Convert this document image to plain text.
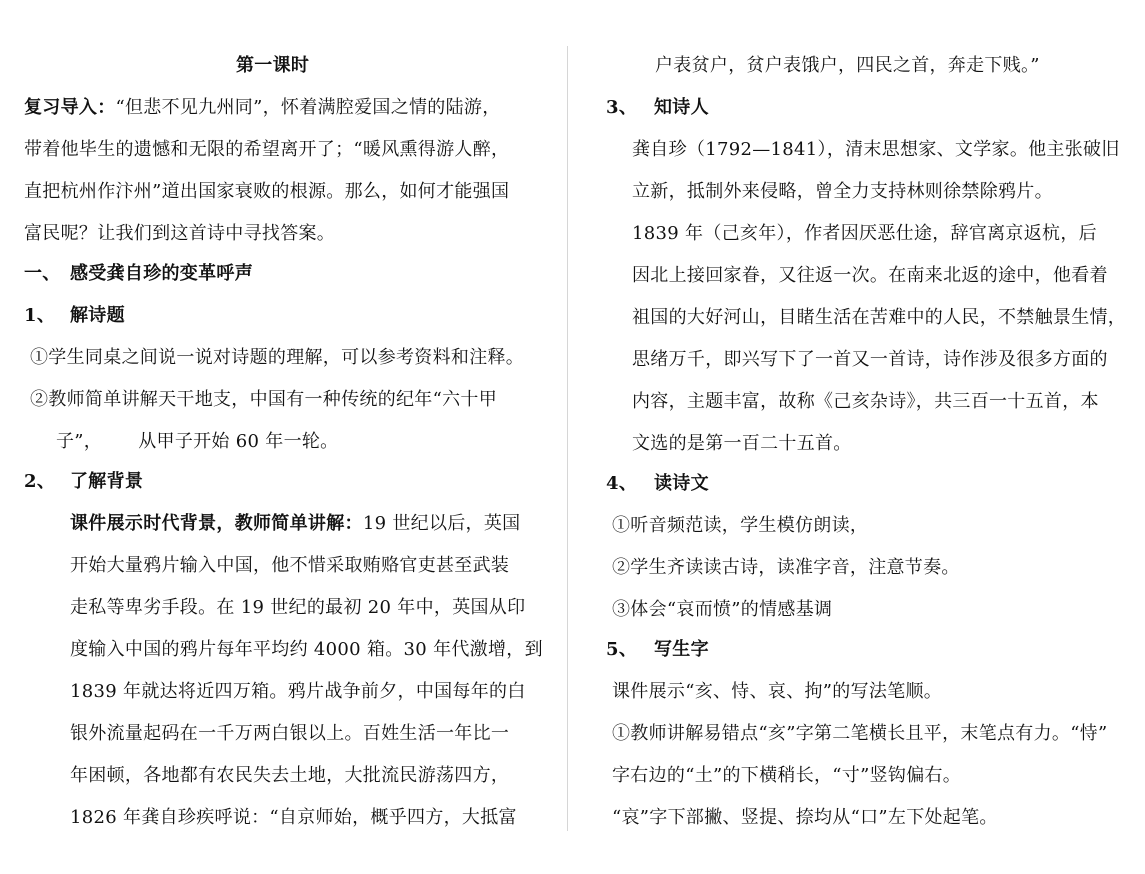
第一课时
复习导入：“但悲不见九州同”，怀着满腔爱国之情的陆游，
带着他毕生的遗憾和无限的希望离开了；“暖风熏得游人醉，
直把杭州作汴州”道出国家衰败的根源。那么，如何才能强国
富民呢？让我们到这首诗中寻找答案。
一、 感受龚自珍的变革呼声
1、 解诗题
①学生同桌之间说一说对诗题的理解，可以参考资料和注释。
②教师简单讲解天干地支，中国有一种传统的纪年“六十甲
子”，      从甲子开始 60 年一轮。
2、 了解背景
课件展示时代背景，教师简单讲解：19 世纪以后，英国
开始大量鸦片输入中国，他不惜采取贿赂官吏甚至武装
走私等卑劣手段。在 19 世纪的最初 20 年中，英国从印
度输入中国的鸦片每年平均约 4000 箱。30 年代激增，到
1839 年就达将近四万箱。鸦片战争前夕，中国每年的白
银外流量起码在一千万两白银以上。百姓生活一年比一
年困顿，各地都有农民失去土地，大批流民游荡四方，
1826 年龚自珍疾呼说：“自京师始，概乎四方，大抵富
户表贫户，贫户表饿户，四民之首，奔走下贱。”
3、 知诗人
龚自珍（1792—1841），清末思想家、文学家。他主张破旧
立新，抵制外来侵略，曾全力支持林则徐禁除鸦片。
1839 年（己亥年），作者因厌恶仕途，辞官离京返杭，后
因北上接回家眷，又往返一次。在南来北返的途中，他看着
祖国的大好河山，目睹生活在苦难中的人民，不禁触景生情，
思绪万千，即兴写下了一首又一首诗，诗作涉及很多方面的
内容，主题丰富，故称《己亥杂诗》，共三百一十五首，本
文选的是第一百二十五首。
4、 读诗文
①听音频范读，学生模仿朗读，
②学生齐读读古诗，读准字音，注意节奏。
③体会“哀而愤”的情感基调
5、 写生字
课件展示“亥、恃、哀、拘”的写法笔顺。
①教师讲解易错点“亥”字第二笔横长且平，末笔点有力。“恃”
字右边的“土”的下横稍长，“寸”竖钩偏右。
“哀”字下部撇、竖提、捺均从“口”左下处起笔。
